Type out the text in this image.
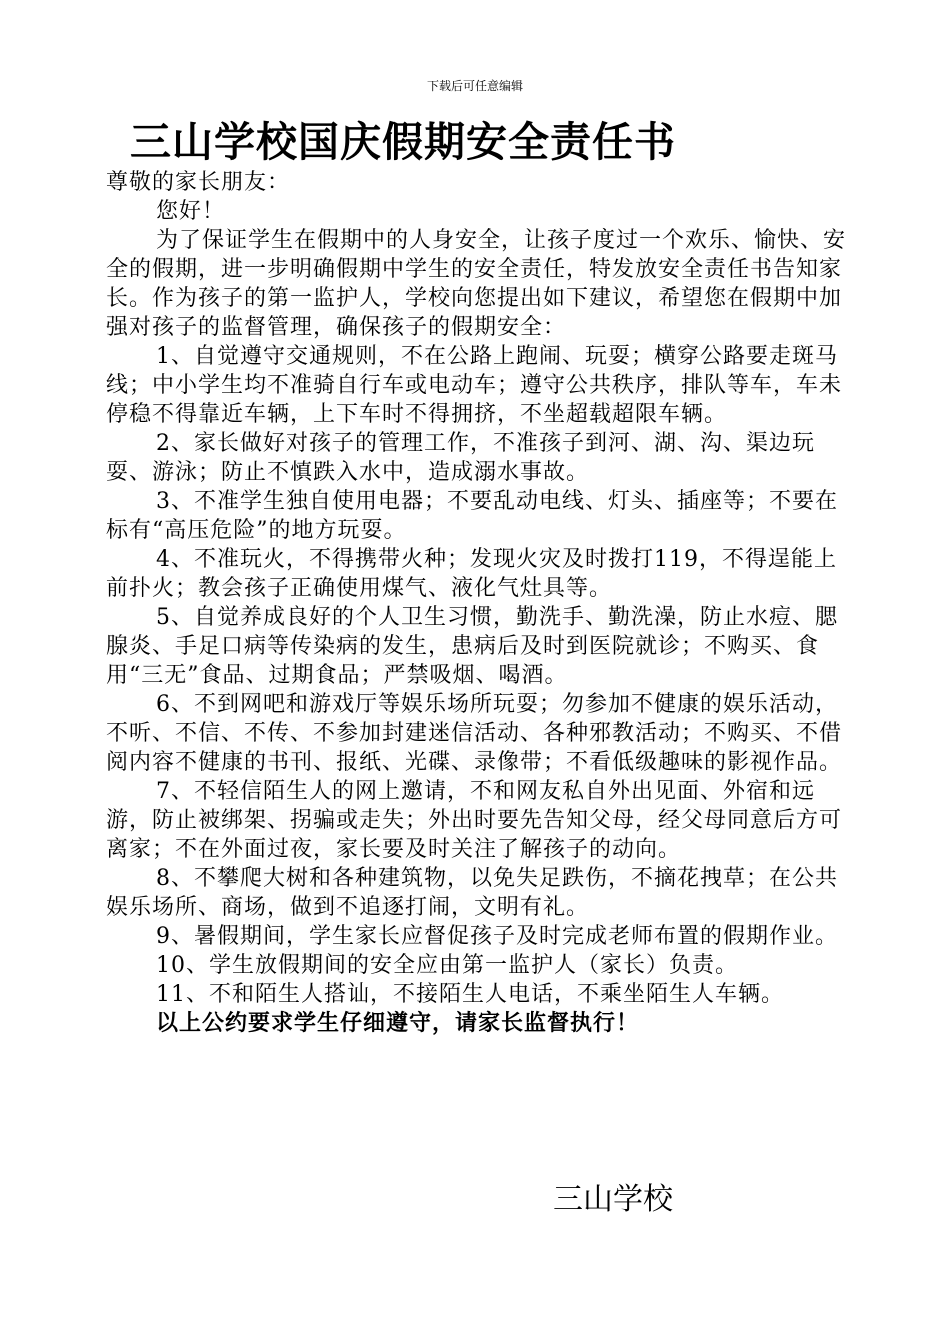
下载后可任意编辑
三山学校国庆假期安全责任书

尊敬的家长朋友：

您好！

为了保证学生在假期中的人身安全，让孩子度过一个欢乐、愉快、安全的假期，进一步明确假期中学生的安全责任，特发放安全责任书告知家长。作为孩子的第一监护人，学校向您提出如下建议，希望您在假期中加强对孩子的监督管理，确保孩子的假期安全：

1、自觉遵守交通规则，不在公路上跑闹、玩耍；横穿公路要走斑马线；中小学生均不准骑自行车或电动车；遵守公共秩序，排队等车，车未停稳不得靠近车辆，上下车时不得拥挤，不坐超载超限车辆。

2、家长做好对孩子的管理工作，不准孩子到河、湖、沟、渠边玩耍、游泳；防止不慎跌入水中，造成溺水事故。

3、不准学生独自使用电器；不要乱动电线、灯头、插座等；不要在标有“高压危险”的地方玩耍。

4、不准玩火，不得携带火种；发现火灾及时拨打119，不得逞能上前扑火；教会孩子正确使用煤气、液化气灶具等。

5、自觉养成良好的个人卫生习惯，勤洗手、勤洗澡，防止水痘、腮腺炎、手足口病等传染病的发生，患病后及时到医院就诊；不购买、食用“三无”食品、过期食品；严禁吸烟、喝酒。

6、不到网吧和游戏厅等娱乐场所玩耍；勿参加不健康的娱乐活动，不听、不信、不传、不参加封建迷信活动、各种邪教活动；不购买、不借阅内容不健康的书刊、报纸、光碟、录像带；不看低级趣味的影视作品。

7、不轻信陌生人的网上邀请，不和网友私自外出见面、外宿和远游，防止被绑架、拐骗或走失；外出时要先告知父母，经父母同意后方可离家；不在外面过夜，家长要及时关注了解孩子的动向。

8、不攀爬大树和各种建筑物，以免失足跌伤，不摘花拽草；在公共娱乐场所、商场，做到不追逐打闹，文明有礼。

9、暑假期间，学生家长应督促孩子及时完成老师布置的假期作业。

10、学生放假期间的安全应由第一监护人（家长）负责。

11、不和陌生人搭讪，不接陌生人电话，不乘坐陌生人车辆。

以上公约要求学生仔细遵守，请家长监督执行！

三山学校
